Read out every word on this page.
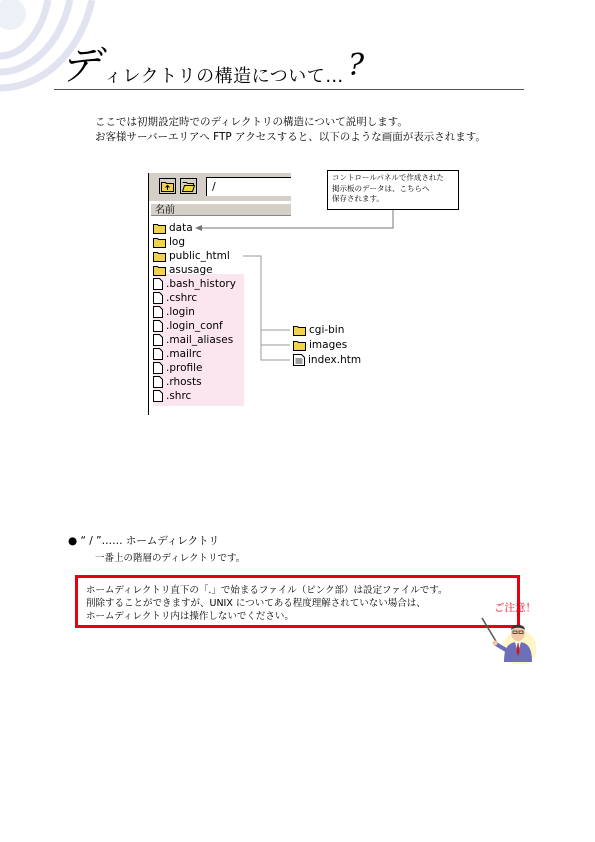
デ ィレクトリの構造について… ?
ここでは初期設定時でのディレクトリの構造について説明します。
お客様サーバーエリアへ FTP アクセスすると、以下のような画面が表示されます。
/
名前
data
log
public_html
asusage
.bash_history
.cshrc
.login
.login_conf
.mail_aliases
.mailrc
.profile
.rhosts
.shrc
cgi-bin
images
index.htm
コントロールパネルで作成された
掲示板のデータは、こちらへ
保存されます。
● “ / ”…… ホームディレクトリ
一番上の階層のディレクトリです。
ホームディレクトリ直下の「.」で始まるファイル（ピンク部）は設定ファイルです。
削除することができますが、UNIX についてある程度理解されていない場合は、
ホームディレクトリ内は操作しないでください。
ご注意！
